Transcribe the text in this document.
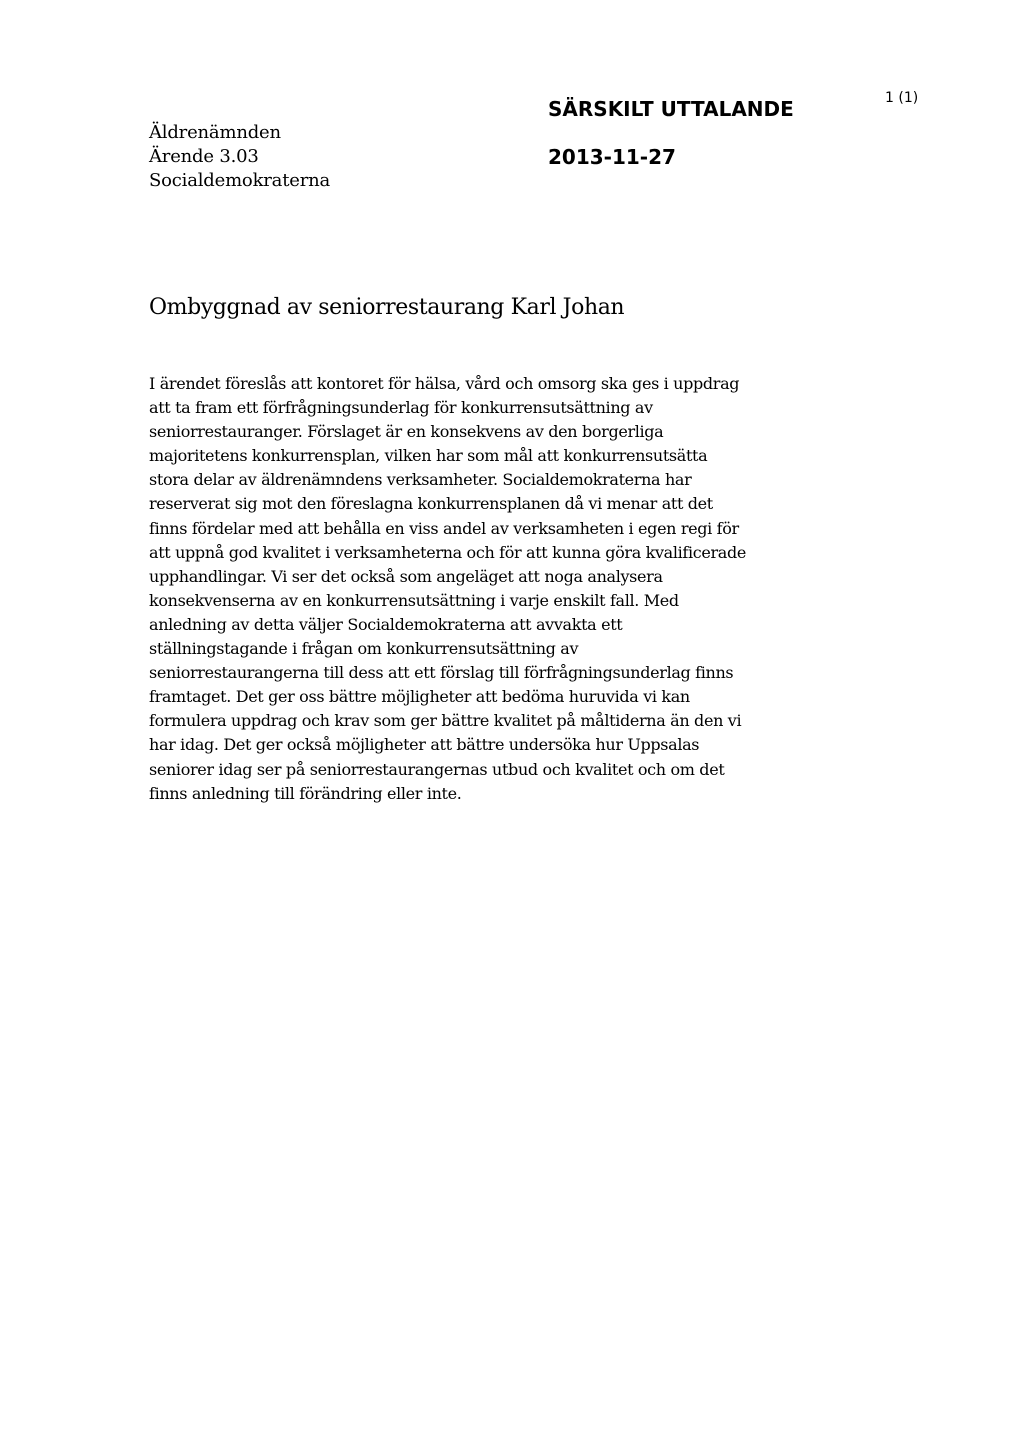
Äldrenämnden
Ärende 3.03
Socialdemokraterna
SÄRSKILT UTTALANDE
2013-11-27
1 (1)
Ombyggnad av seniorrestaurang Karl Johan
I ärendet föreslås att kontoret för hälsa, vård och omsorg ska ges i uppdrag
att ta fram ett förfrågningsunderlag för konkurrensutsättning av
seniorrestauranger. Förslaget är en konsekvens av den borgerliga
majoritetens konkurrensplan, vilken har som mål att konkurrensutsätta
stora delar av äldrenämndens verksamheter. Socialdemokraterna har
reserverat sig mot den föreslagna konkurrensplanen då vi menar att det
finns fördelar med att behålla en viss andel av verksamheten i egen regi för
att uppnå god kvalitet i verksamheterna och för att kunna göra kvalificerade
upphandlingar. Vi ser det också som angeläget att noga analysera
konsekvenserna av en konkurrensutsättning i varje enskilt fall. Med
anledning av detta väljer Socialdemokraterna att avvakta ett
ställningstagande i frågan om konkurrensutsättning av
seniorrestaurangerna till dess att ett förslag till förfrågningsunderlag finns
framtaget. Det ger oss bättre möjligheter att bedöma huruvida vi kan
formulera uppdrag och krav som ger bättre kvalitet på måltiderna än den vi
har idag. Det ger också möjligheter att bättre undersöka hur Uppsalas
seniorer idag ser på seniorrestaurangernas utbud och kvalitet och om det
finns anledning till förändring eller inte.
